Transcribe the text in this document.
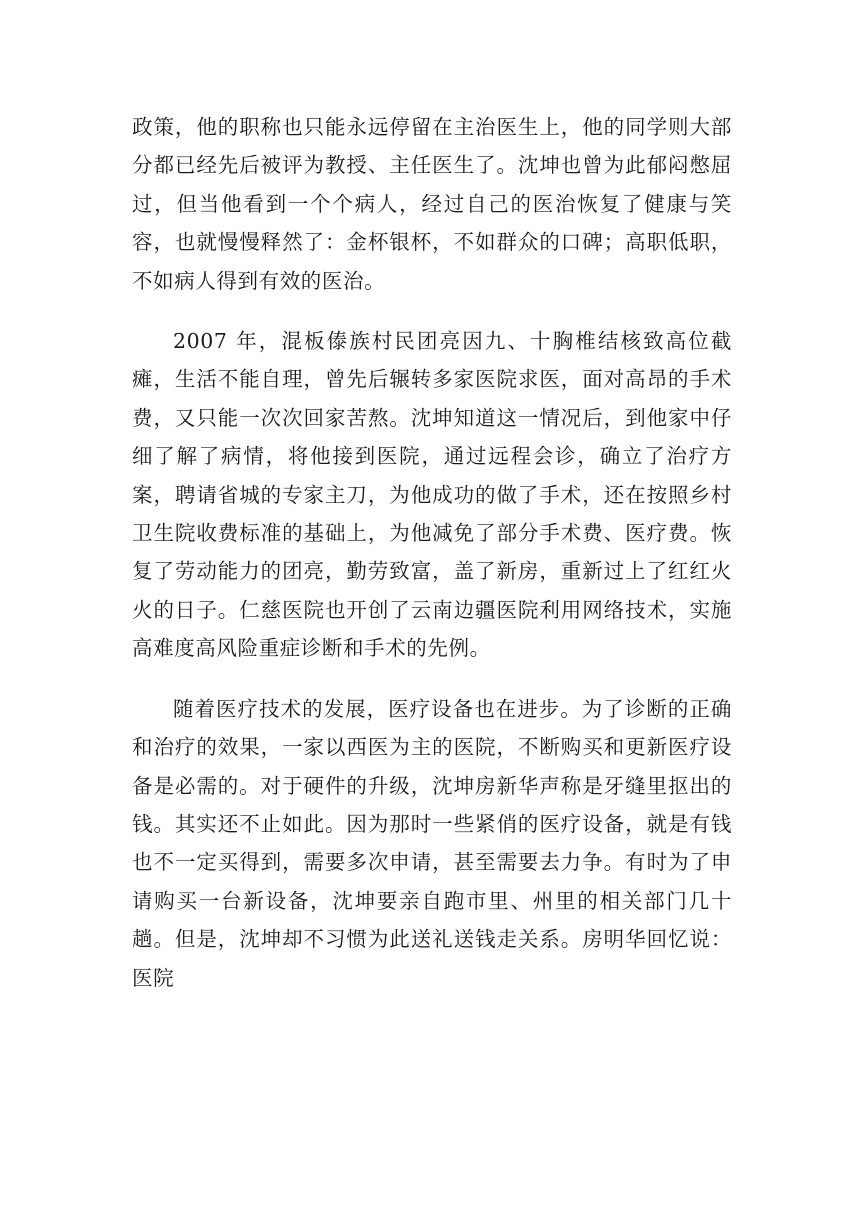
政策，他的职称也只能永远停留在主治医生上，他的同学则大部分都已经先后被评为教授、主任医生了。沈坤也曾为此郁闷憋屈过，但当他看到一个个病人，经过自己的医治恢复了健康与笑容，也就慢慢释然了：金杯银杯，不如群众的口碑；高职低职，不如病人得到有效的医治。

2007 年，混板傣族村民团亮因九、十胸椎结核致高位截瘫，生活不能自理，曾先后辗转多家医院求医，面对高昂的手术费，又只能一次次回家苦熬。沈坤知道这一情况后，到他家中仔细了解了病情，将他接到医院，通过远程会诊，确立了治疗方案，聘请省城的专家主刀，为他成功的做了手术，还在按照乡村卫生院收费标准的基础上，为他减免了部分手术费、医疗费。恢复了劳动能力的团亮，勤劳致富，盖了新房，重新过上了红红火火的日子。仁慈医院也开创了云南边疆医院利用网络技术，实施高难度高风险重症诊断和手术的先例。

随着医疗技术的发展，医疗设备也在进步。为了诊断的正确和治疗的效果，一家以西医为主的医院，不断购买和更新医疗设备是必需的。对于硬件的升级，沈坤房新华声称是牙缝里抠出的钱。其实还不止如此。因为那时一些紧俏的医疗设备，就是有钱也不一定买得到，需要多次申请，甚至需要去力争。有时为了申请购买一台新设备，沈坤要亲自跑市里、州里的相关部门几十趟。但是，沈坤却不习惯为此送礼送钱走关系。房明华回忆说：医院
